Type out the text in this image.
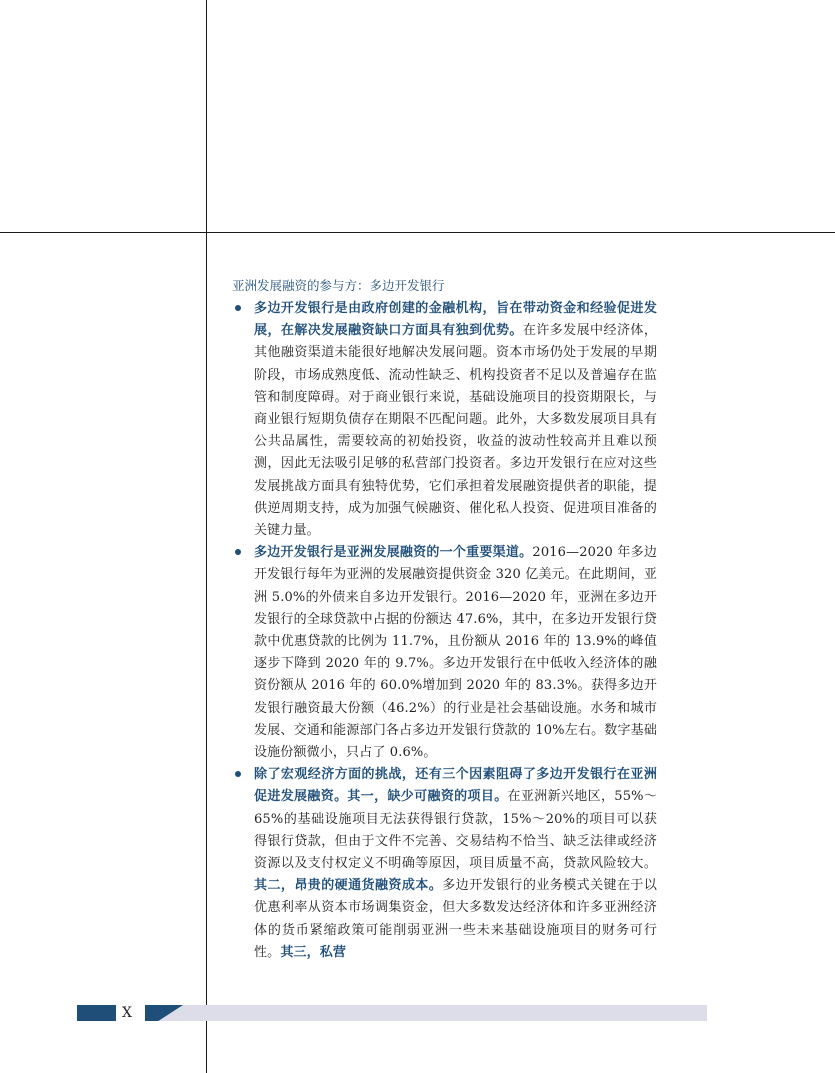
亚洲发展融资的参与方：多边开发银行

多边开发银行是由政府创建的金融机构，旨在带动资金和经验促进发展，在解决发展融资缺口方面具有独到优势。在许多发展中经济体，其他融资渠道未能很好地解决发展问题。资本市场仍处于发展的早期阶段，市场成熟度低、流动性缺乏、机构投资者不足以及普遍存在监管和制度障碍。对于商业银行来说，基础设施项目的投资期限长，与商业银行短期负债存在期限不匹配问题。此外，大多数发展项目具有公共品属性，需要较高的初始投资，收益的波动性较高并且难以预测，因此无法吸引足够的私营部门投资者。多边开发银行在应对这些发展挑战方面具有独特优势，它们承担着发展融资提供者的职能，提供逆周期支持，成为加强气候融资、催化私人投资、促进项目准备的关键力量。

多边开发银行是亚洲发展融资的一个重要渠道。2016—2020 年多边开发银行每年为亚洲的发展融资提供资金 320 亿美元。在此期间，亚洲 5.0%的外债来自多边开发银行。2016—2020 年，亚洲在多边开发银行的全球贷款中占据的份额达 47.6%，其中，在多边开发银行贷款中优惠贷款的比例为 11.7%，且份额从 2016 年的 13.9%的峰值逐步下降到 2020 年的 9.7%。多边开发银行在中低收入经济体的融资份额从 2016 年的 60.0%增加到 2020 年的 83.3%。获得多边开发银行融资最大份额（46.2%）的行业是社会基础设施。水务和城市发展、交通和能源部门各占多边开发银行贷款的 10%左右。数字基础设施份额微小，只占了 0.6%。

除了宏观经济方面的挑战，还有三个因素阻碍了多边开发银行在亚洲促进发展融资。其一，缺少可融资的项目。在亚洲新兴地区，55%～65%的基础设施项目无法获得银行贷款，15%～20%的项目可以获得银行贷款，但由于文件不完善、交易结构不恰当、缺乏法律或经济资源以及支付权定义不明确等原因，项目质量不高，贷款风险较大。其二，昂贵的硬通货融资成本。多边开发银行的业务模式关键在于以优惠利率从资本市场调集资金，但大多数发达经济体和许多亚洲经济体的货币紧缩政策可能削弱亚洲一些未来基础设施项目的财务可行性。其三，私营

X
